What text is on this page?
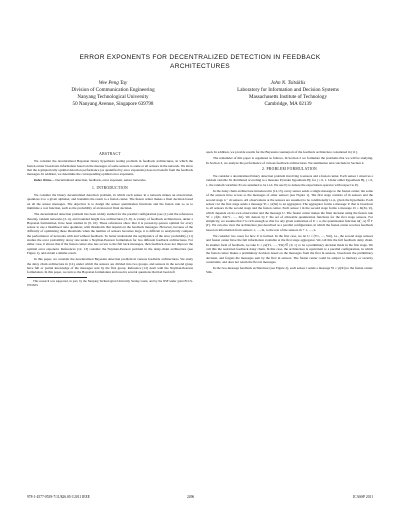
ERROR EXPONENTS FOR DECENTRALIZED DETECTION IN FEEDBACK
ARCHITECTURES
Wee Peng Tay
Division of Communication Engineering
Nanyang Technological University
50 Nanyang Avenue, Singapore 639798
John N. Tsitsiklis
Laboratory for Information and Decision Systems
Massachusetts Institute of Technology
Cambridge, MA 02139
ABSTRACT

We consider the decentralized Bayesian binary hypothesis testing problem in feedback architectures, in which the fusion center broadcasts information based on the messages of some sensors to some or all sensors in the network. We show that the asymptotically optimal detection performance (as quantified by error exponents) does not benefit from the feedback messages. In addition, we determine the corresponding optimal error exponents.

Index Terms— Decentralized detection, feedback, error exponent, sensor networks.

1. INTRODUCTION

We consider the binary decentralized detection problem, in which each sensor in a network makes an observation, quantizes it to a given alphabet, and transmits the result to a fusion center. The fusion center makes a final decision based on all the sensor messages. The objective is to design the sensor quantization functions and the fusion rule so as to minimize a cost function, such as the probability of an incorrect final decision.

The decentralized detection problem has been widely studied for the parallel configuration (see [1] and the references therein), tandem networks [2–4], and bounded height tree architectures [5–8]. A variety of feedback architectures, under a Bayesian formulation, have been studied in [9, 10]. These references show that it is person-by-person optimal for every sensor to use a likelihood ratio quantizer, with thresholds that depend on the feedback messages. However, because of the difficulty of optimizing these thresholds when the number of sensors becomes large, it is difficult to analytically compare the performance of networks with and without feedback. To better understand the asymptotics of the error probability, [11] studies the error probability decay rate under a Neyman-Pearson formulation for two different feedback architectures. For either case, it shows that if the fusion center also has access to the full back messages, then feedback does not improve the optimal error exponent. References [12, 13] consider the Neyman-Pearson problem in the daisy-chain architecture (see Figure 1), and obtain a similar result.

In this paper, we consider the decentralized Bayesian detection problem in various feedback architectures. We study the daisy chain architecture in [12], under which the sensors are divided into two groups, and sensors in the second group have full or partial knowledge of the messages sent by the first group. Reference [12] dealt with the Neyman-Pearson formulation. In this paper, we turn to the Bayesian formulation and resolve several questions that had been left

This research was supported, in part, by the Nanyang Technological University Startup Grant, and by the NSF under grant ECCS-0701623.

open. In addition, we provide results for the Bayesian counterpart of the feedback architecture considered in [11].

The remainder of this paper is organized as follows. In Section 2 we formulate the problems that we will be studying. In Section 3, we analyze the performance of various feedback architectures. We summarize and conclude in Section 4.

2. PROBLEM FORMULATION

We consider a decentralized binary detection problem involving n sensors and a fusion center. Each sensor i observes a random variable Xi distributed according to a measure Pj under hypothesis Hj, for j = 0, 1. Under either hypothesis Hj, j = 0, 1, the random variables Xi are assumed to be i.i.d. We use Ej to denote the expectation operator with respect to Pj.

In the daisy chain architecture introduced in [12,13], every sensor sends a single message to the fusion center, but some of the sensors have access to the messages of other sensors (see Figure 1). The first stage consists of m sensors and the second stage n − m sensors. All observations at the sensors are assumed to be conditionally i.i.d., given the hypothesis. Each sensor i in the first stage sends a message Yi = γi(Xi) to an aggregator. The aggregator forms a message U that is broadcast to all sensors in the second stage and the fusion center. Each sensor i in the second stage forms a message Zi = δi(Xi, U), which depends on its own observation and the message U. The fusion center makes the final decision using the fusion rule Yf = γf(U, Zm+1, …, Zn). We denote by Γ the set of allowable quantization functions for the first stage sensors. For simplicity, we assume that Γ is rich enough so that for any given realization of U = u, the quantization function δi(·, u) ∈ Γ (Γ). We can also view the architecture just described as a parallel configuration, in which the fusion center receives feedback based on information from sensors 1, …, m, to the rest of the sensors m + 1, …, n.

We consider two cases for how U is formed. In the first case, we let U = (Y1, …, Ym), i.e., the second stage sensors and fusion center have the full information available at the first stage aggregator. We call this the full feedback daisy chain. In another form of feedback, we take U = γu(Y1, …, Ym) ∈ {0, 1} to be a preliminary decision made in the first stage. We call this the restricted feedback daisy chain. In this case, the architecture is equivalent to a parallel configuration, in which the fusion center makes a preliminary decision based on the messages from the first m sensors, broadcasts the preliminary decision, and forgets the messages sent by the first m sensors. The fusion center could be subject to memory or security constraints, and does not retain the first m messages.

In the two-message feedback architecture (see Figure 2), each sensor i sends a message Yi = γi(Xi) to the fusion center. Sim-

978-1-4577-0539-7/11/$26.00 ©2011 IEEE	2496	ICASSP 2011
